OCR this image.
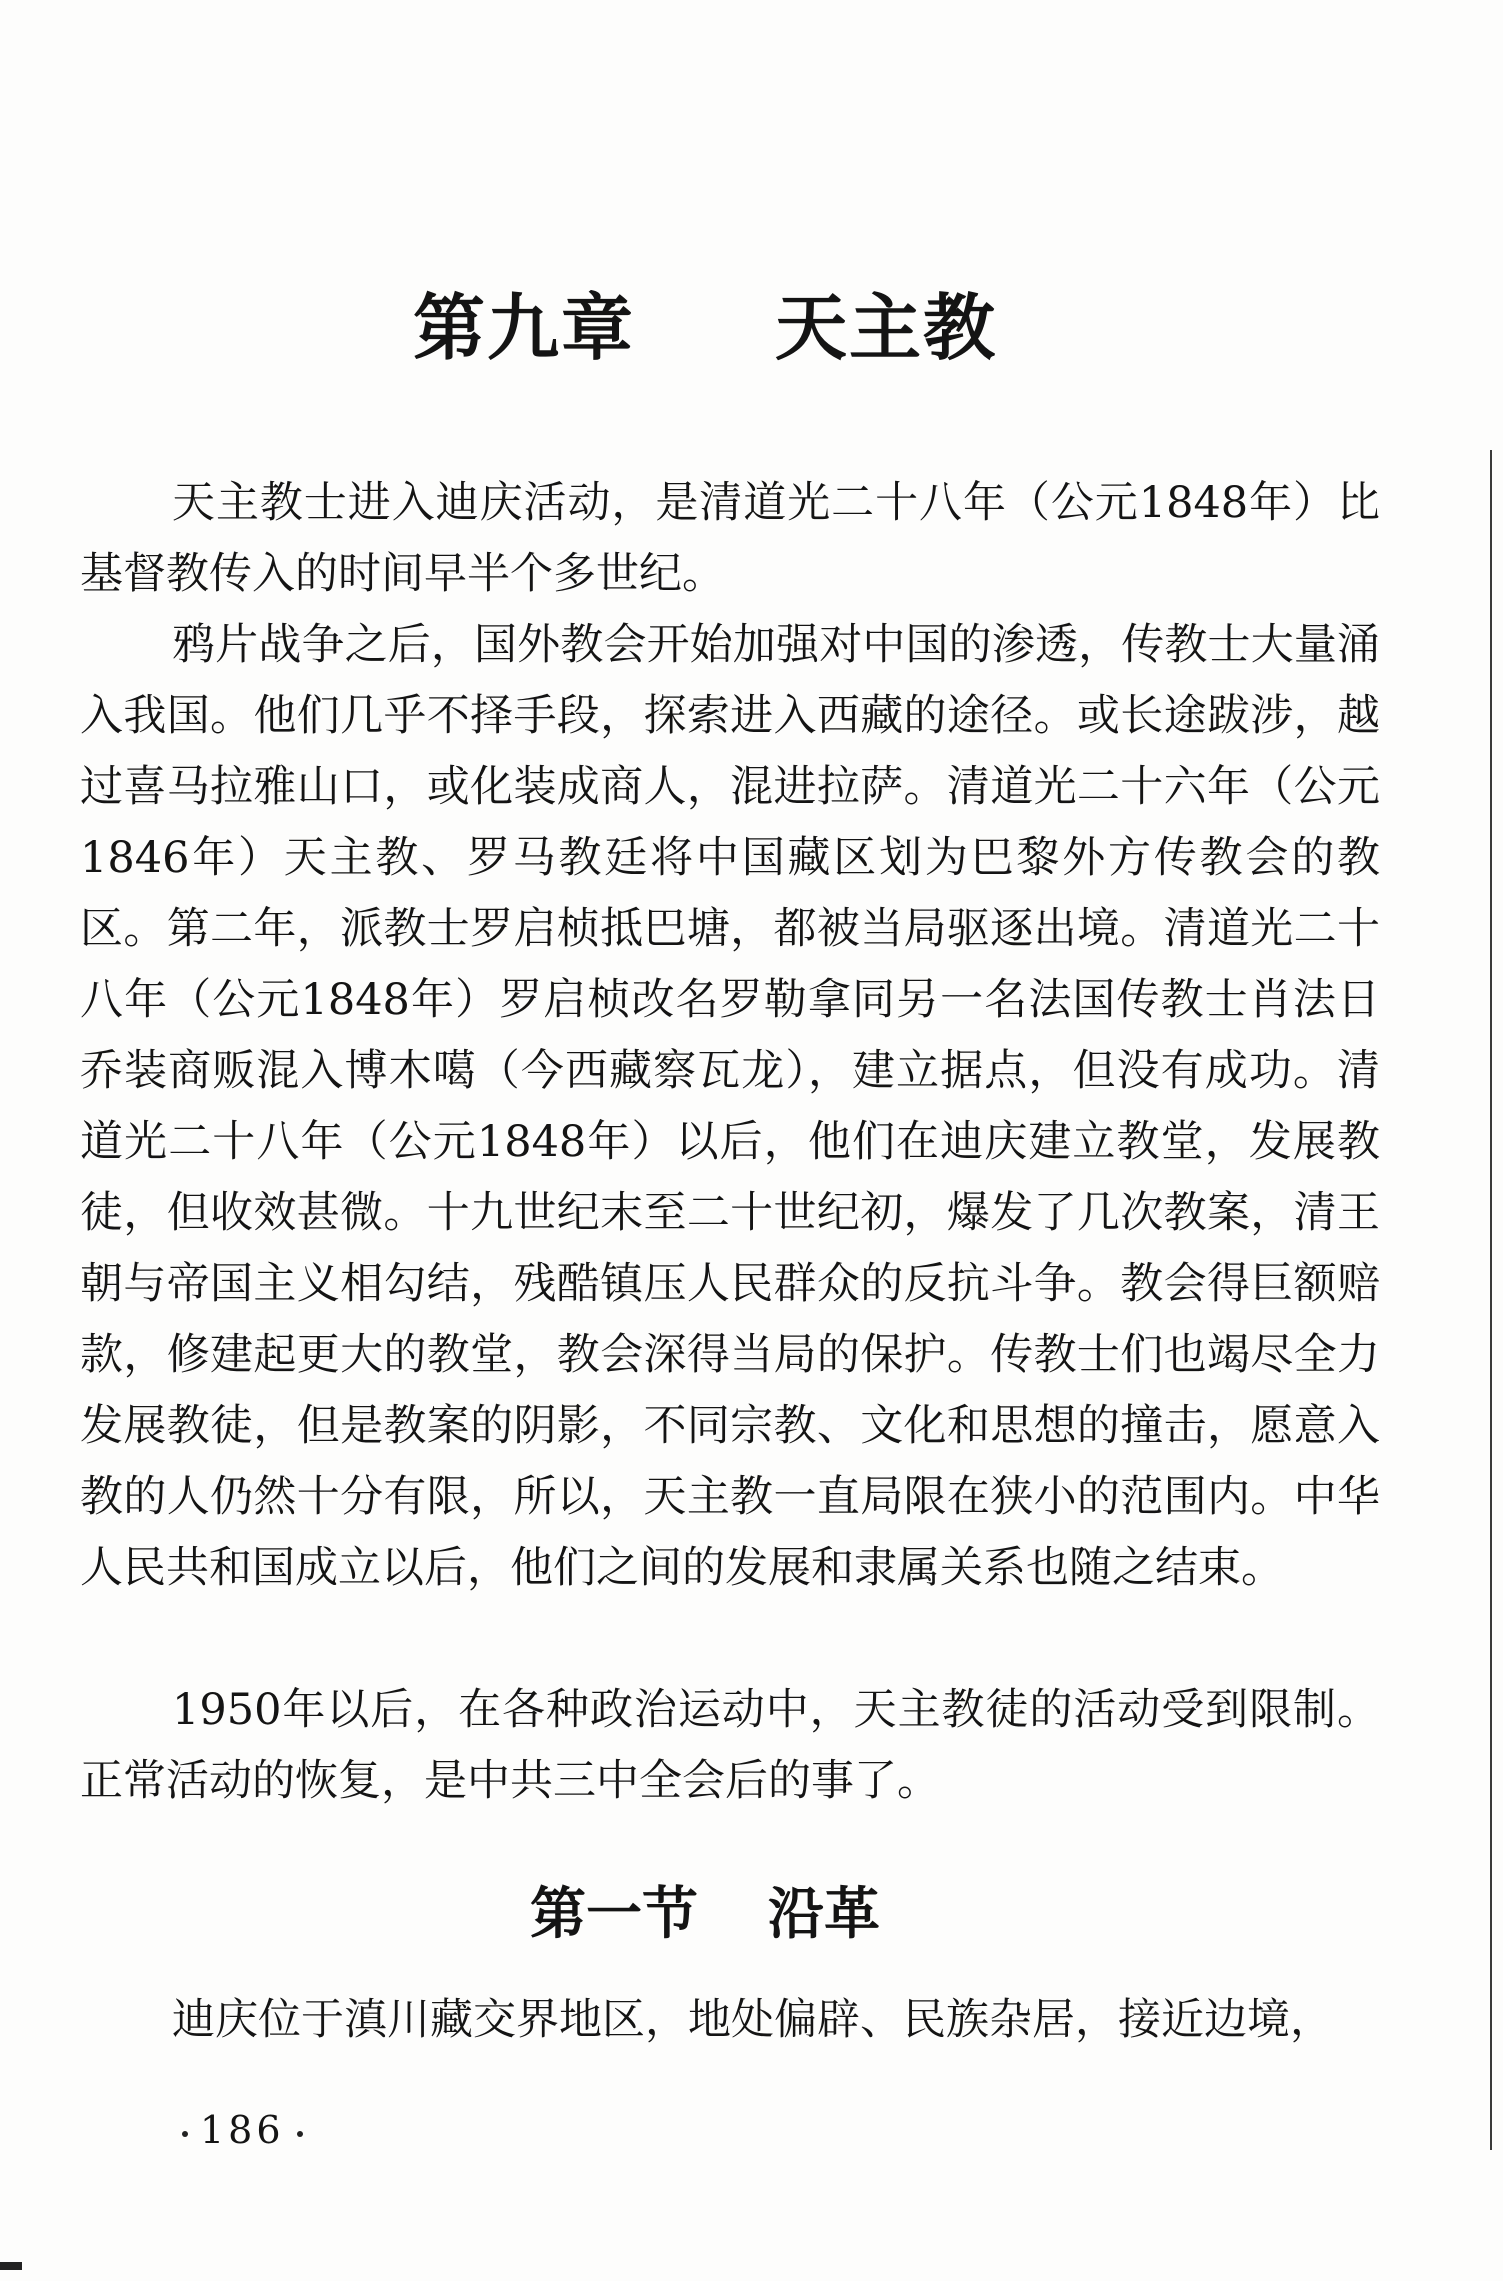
第九章 天主教

天主教士进入迪庆活动，是清道光二十八年（公元1848年）比基督教传入的时间早半个多世纪。

鸦片战争之后，国外教会开始加强对中国的渗透，传教士大量涌入我国。他们几乎不择手段，探索进入西藏的途径。或长途跋涉，越过喜马拉雅山口，或化装成商人，混进拉萨。清道光二十六年（公元1846年）天主教、罗马教廷将中国藏区划为巴黎外方传教会的教区。第二年，派教士罗启桢抵巴塘，都被当局驱逐出境。清道光二十八年（公元1848年）罗启桢改名罗勒拿同另一名法国传教士肖法日乔装商贩混入博木噶（今西藏察瓦龙），建立据点，但没有成功。清道光二十八年（公元1848年）以后，他们在迪庆建立教堂，发展教徒，但收效甚微。十九世纪末至二十世纪初，爆发了几次教案，清王朝与帝国主义相勾结，残酷镇压人民群众的反抗斗争。教会得巨额赔款，修建起更大的教堂，教会深得当局的保护。传教士们也竭尽全力发展教徒，但是教案的阴影，不同宗教、文化和思想的撞击，愿意入教的人仍然十分有限，所以，天主教一直局限在狭小的范围内。中华人民共和国成立以后，他们之间的发展和隶属关系也随之结束。

1950年以后，在各种政治运动中，天主教徒的活动受到限制。正常活动的恢复，是中共三中全会后的事了。

第一节 沿革

迪庆位于滇川藏交界地区，地处偏辟、民族杂居，接近边境，

186
